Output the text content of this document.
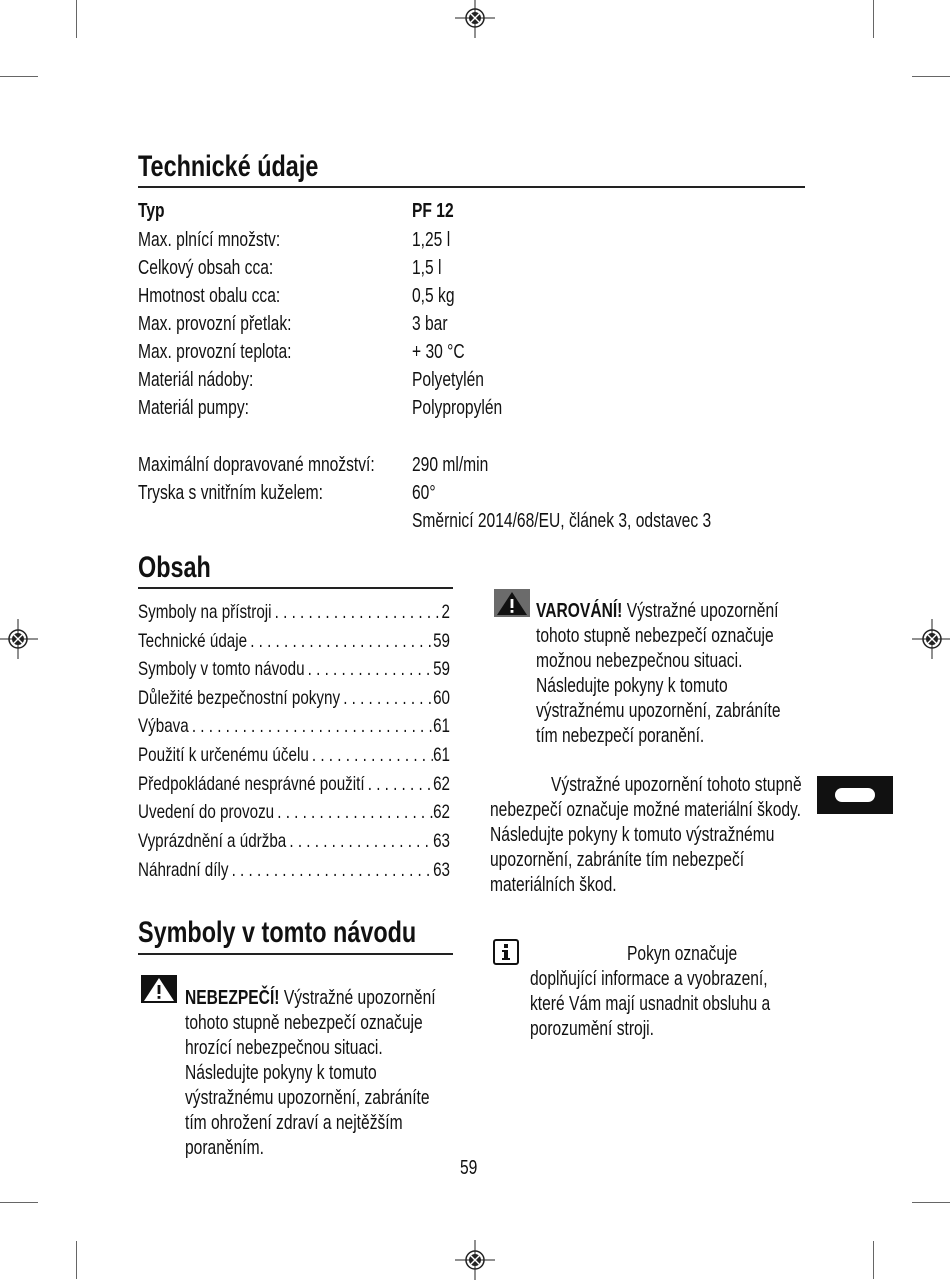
Technické údaje
Typ	PF 12
Max. plnící množstv:	1,25 l
Celkový obsah cca:	1,5 l
Hmotnost obalu cca:	0,5 kg
Max. provozní přetlak:	3 bar
Max. provozní teplota:	+ 30 °C
Materiál nádoby:	Polyetylén
Materiál pumpy:	Polypropylén
Maximální dopravované množství: 290 ml/min
Tryska s vnitřním kuželem:	60°
Směrnicí 2014/68/EU, článek 3, odstavec 3
Obsah
Symboly na přístroji . . .	2
Technické údaje . . .	59
Symboly v tomto návodu . . .	59
Důležité bezpečnostní pokyny . . .	60
Výbava . . .	61
Použití k určenému účelu . . .	61
Předpokládané nesprávné použití . . .	62
Uvedení do provozu . . .	62
Vyprázdnění a údržba . . .	63
Náhradní díly . . .	63
Symboly v tomto návodu
NEBEZPEČÍ! Výstražné upozornění
tohoto stupně nebezpečí označuje
hrozící nebezpečnou situaci.
Následujte pokyny k tomuto
výstražnému upozornění, zabráníte
tím ohrožení zdraví a nejtěžším
poraněním.
VAROVÁNÍ! Výstražné upozornění
tohoto stupně nebezpečí označuje
možnou nebezpečnou situaci.
Následujte pokyny k tomuto
výstražnému upozornění, zabráníte
tím nebezpečí poranění.
Výstražné upozornění tohoto stupně
nebezpečí označuje možné materiální škody.
Následujte pokyny k tomuto výstražnému
upozornění, zabráníte tím nebezpečí
materiálních škod.
Pokyn označuje
doplňující informace a vyobrazení,
které Vám mají usnadnit obsluhu a
porozumění stroji.
59
